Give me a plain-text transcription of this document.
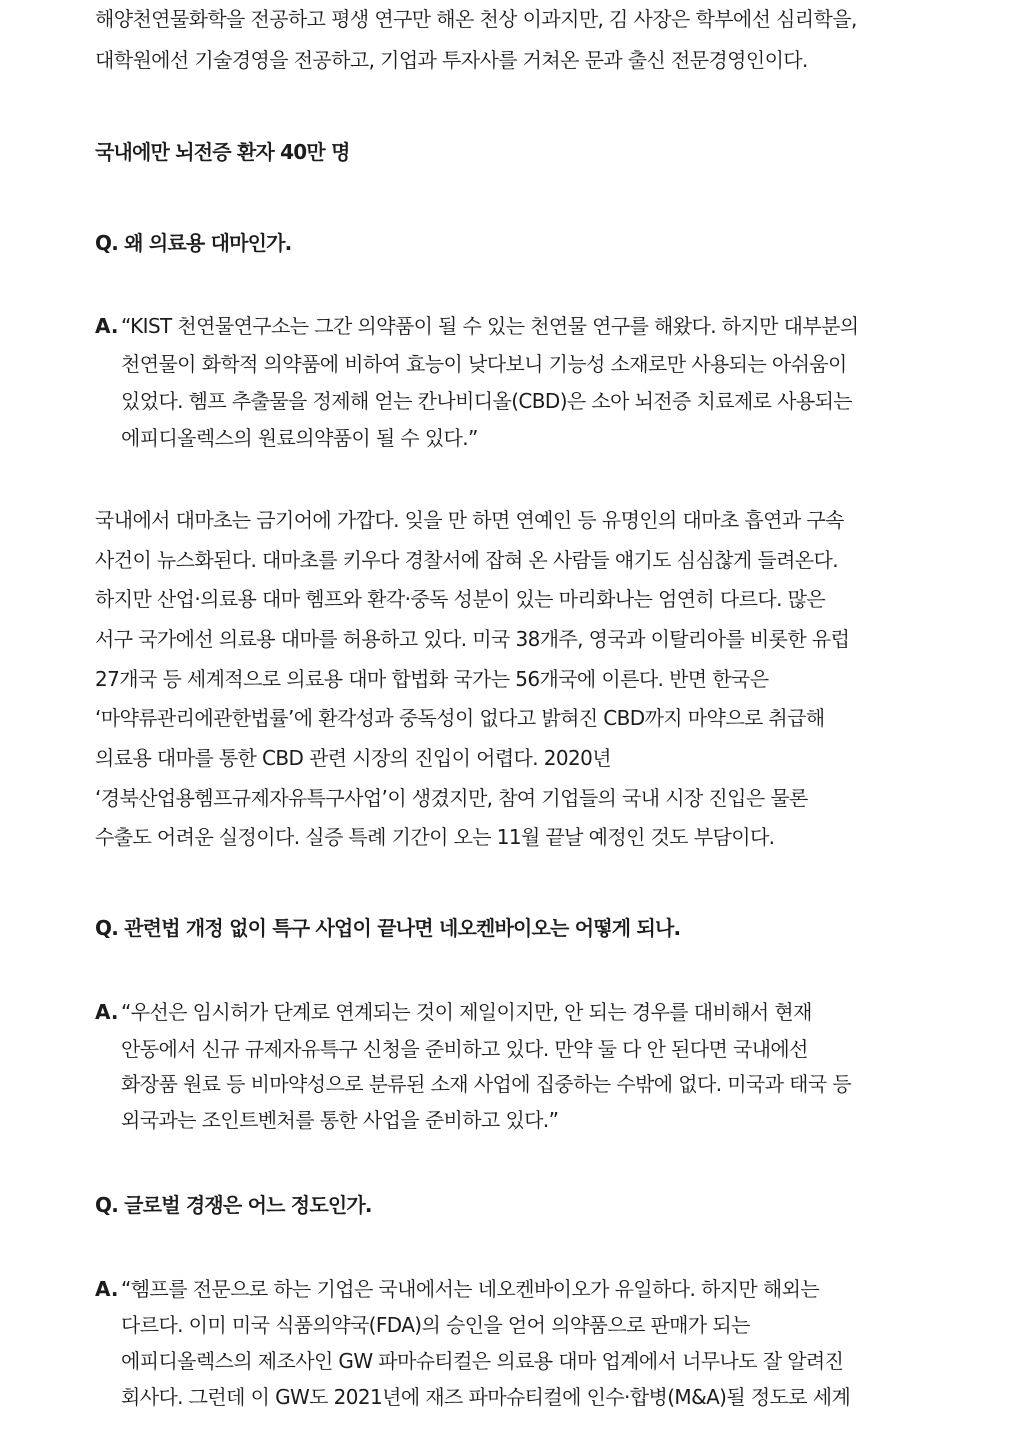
해양천연물화학을 전공하고 평생 연구만 해온 천상 이과지만, 김 사장은 학부에선 심리학을,
대학원에선 기술경영을 전공하고, 기업과 투자사를 거쳐온 문과 출신 전문경영인이다.
국내에만 뇌전증 환자 40만 명
Q. 왜 의료용 대마인가.
A. “KIST 천연물연구소는 그간 의약품이 될 수 있는 천연물 연구를 해왔다. 하지만 대부분의
천연물이 화학적 의약품에 비하여 효능이 낮다보니 기능성 소재로만 사용되는 아쉬움이
있었다. 헴프 추출물을 정제해 얻는 칸나비디올(CBD)은 소아 뇌전증 치료제로 사용되는
에피디올렉스의 원료의약품이 될 수 있다.”
국내에서 대마초는 금기어에 가깝다. 잊을 만 하면 연예인 등 유명인의 대마초 흡연과 구속
사건이 뉴스화된다. 대마초를 키우다 경찰서에 잡혀 온 사람들 얘기도 심심찮게 들려온다.
하지만 산업·의료용 대마 헴프와 환각·중독 성분이 있는 마리화나는 엄연히 다르다. 많은
서구 국가에선 의료용 대마를 허용하고 있다. 미국 38개주, 영국과 이탈리아를 비롯한 유럽
27개국 등 세계적으로 의료용 대마 합법화 국가는 56개국에 이른다. 반면 한국은
‘마약류관리에관한법률’에 환각성과 중독성이 없다고 밝혀진 CBD까지 마약으로 취급해
의료용 대마를 통한 CBD 관련 시장의 진입이 어렵다. 2020년
‘경북산업용헴프규제자유특구사업’이 생겼지만, 참여 기업들의 국내 시장 진입은 물론
수출도 어려운 실정이다. 실증 특례 기간이 오는 11월 끝날 예정인 것도 부담이다.
Q. 관련법 개정 없이 특구 사업이 끝나면 네오켄바이오는 어떻게 되나.
A. “우선은 임시허가 단계로 연계되는 것이 제일이지만, 안 되는 경우를 대비해서 현재
안동에서 신규 규제자유특구 신청을 준비하고 있다. 만약 둘 다 안 된다면 국내에선
화장품 원료 등 비마약성으로 분류된 소재 사업에 집중하는 수밖에 없다. 미국과 태국 등
외국과는 조인트벤처를 통한 사업을 준비하고 있다.”
Q. 글로벌 경쟁은 어느 정도인가.
A. “헴프를 전문으로 하는 기업은 국내에서는 네오켄바이오가 유일하다. 하지만 해외는
다르다. 이미 미국 식품의약국(FDA)의 승인을 얻어 의약품으로 판매가 되는
에피디올렉스의 제조사인 GW 파마슈티컬은 의료용 대마 업계에서 너무나도 잘 알려진
회사다. 그런데 이 GW도 2021년에 재즈 파마슈티컬에 인수·합병(M&A)될 정도로 세계
